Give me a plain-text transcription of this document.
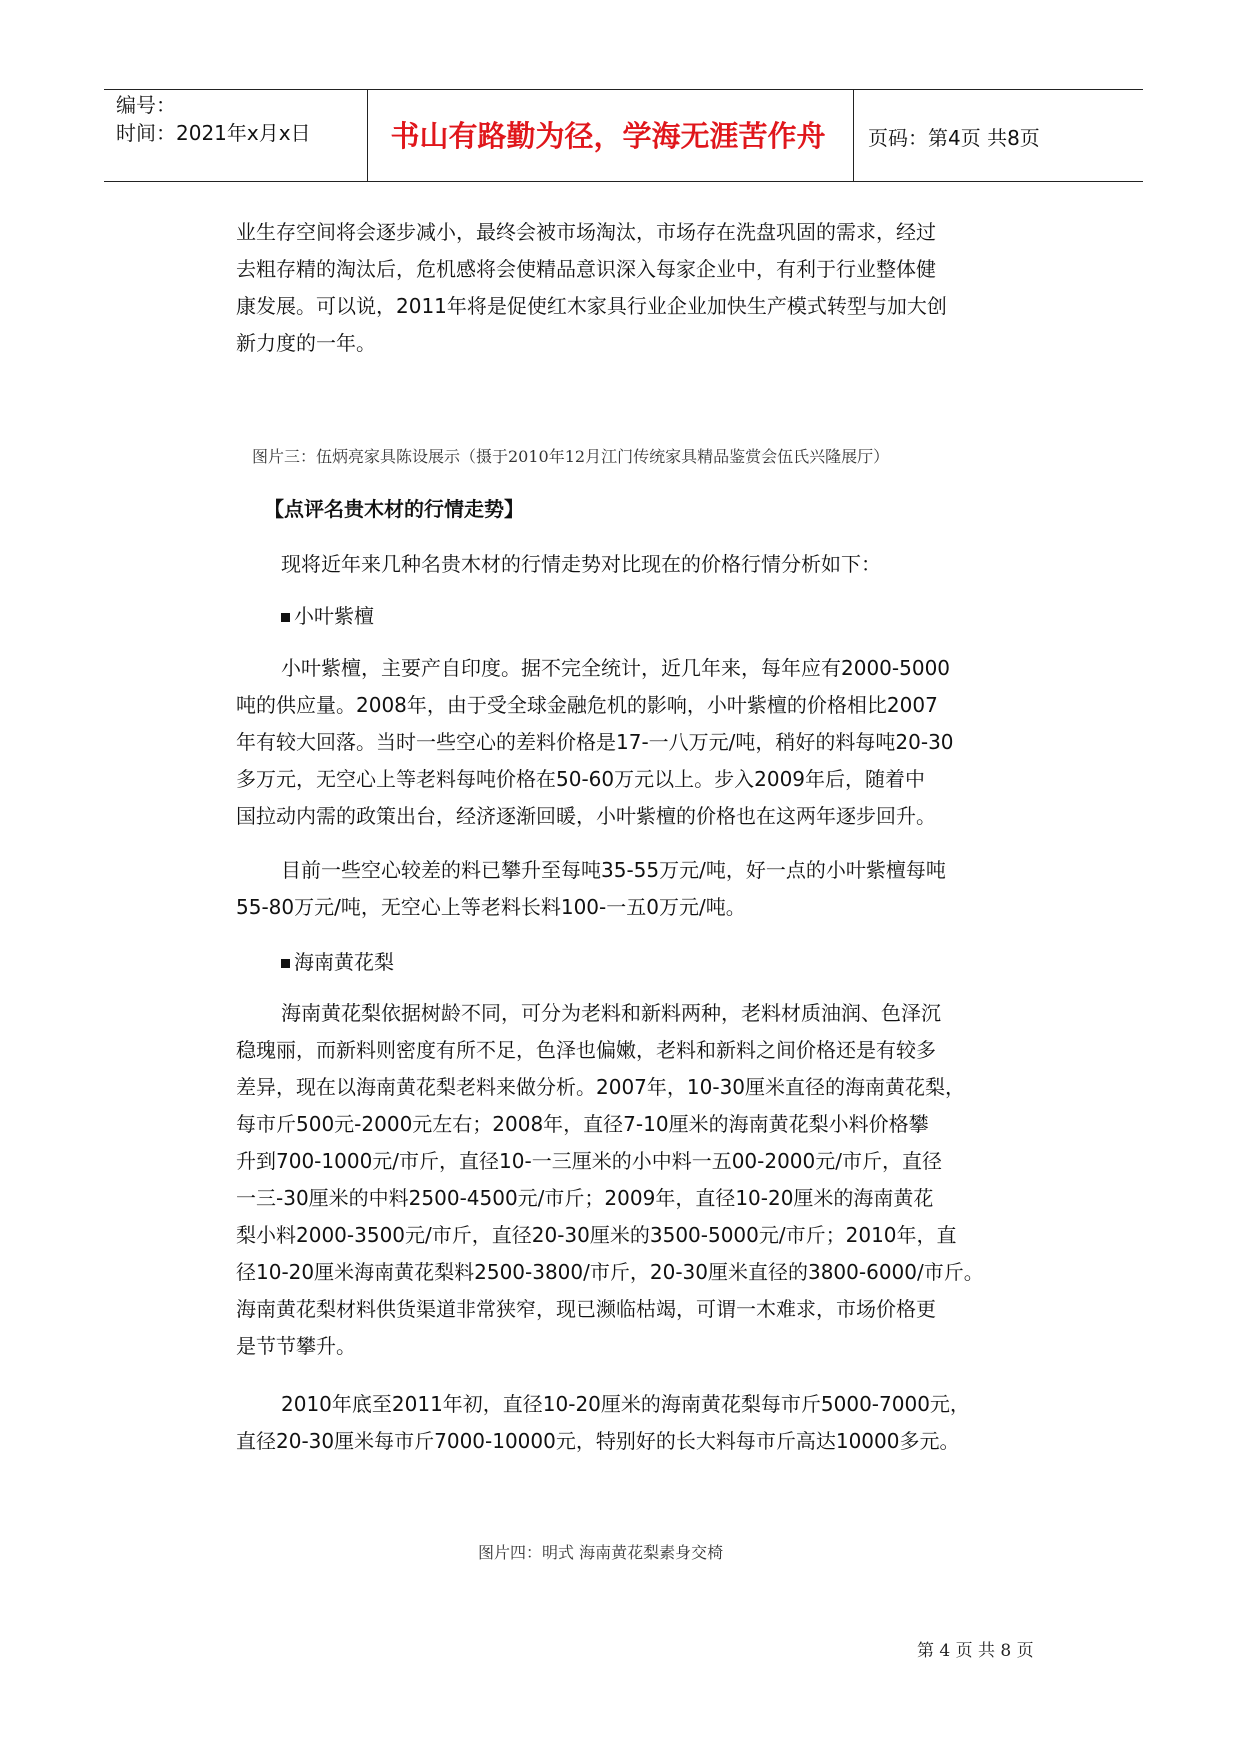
编号：
时间：2021年x月x日	书山有路勤为径，学海无涯苦作舟	页码：第4页 共8页

业生存空间将会逐步减小，最终会被市场淘汰，市场存在洗盘巩固的需求，经过

去粗存精的淘汰后，危机感将会使精品意识深入每家企业中，有利于行业整体健

康发展。可以说，2011年将是促使红木家具行业企业加快生产模式转型与加大创

新力度的一年。

图片三：伍炳亮家具陈设展示（摄于2010年12月江门传统家具精品鉴赏会伍氏兴隆展厅）
【点评名贵木材的行情走势】

现将近年来几种名贵木材的行情走势对比现在的价格行情分析如下：

小叶紫檀

小叶紫檀，主要产自印度。据不完全统计，近几年来，每年应有2000-5000

吨的供应量。2008年，由于受全球金融危机的影响，小叶紫檀的价格相比2007

年有较大回落。当时一些空心的差料价格是17-一八万元/吨，稍好的料每吨20-30

多万元，无空心上等老料每吨价格在50-60万元以上。步入2009年后，随着中

国拉动内需的政策出台，经济逐渐回暖，小叶紫檀的价格也在这两年逐步回升。

目前一些空心较差的料已攀升至每吨35-55万元/吨，好一点的小叶紫檀每吨

55-80万元/吨，无空心上等老料长料100-一五0万元/吨。

海南黄花梨

海南黄花梨依据树龄不同，可分为老料和新料两种，老料材质油润、色泽沉

稳瑰丽，而新料则密度有所不足，色泽也偏嫩，老料和新料之间价格还是有较多

差异，现在以海南黄花梨老料来做分析。2007年，10-30厘米直径的海南黄花梨，

每市斤500元-2000元左右；2008年，直径7-10厘米的海南黄花梨小料价格攀

升到700-1000元/市斤，直径10-一三厘米的小中料一五00-2000元/市斤，直径

一三-30厘米的中料2500-4500元/市斤；2009年，直径10-20厘米的海南黄花

梨小料2000-3500元/市斤，直径20-30厘米的3500-5000元/市斤；2010年，直

径10-20厘米海南黄花梨料2500-3800/市斤，20-30厘米直径的3800-6000/市斤。

海南黄花梨材料供货渠道非常狭窄，现已濒临枯竭，可谓一木难求，市场价格更

是节节攀升。

2010年底至2011年初，直径10-20厘米的海南黄花梨每市斤5000-7000元，

直径20-30厘米每市斤7000-10000元，特别好的长大料每市斤高达10000多元。

图片四：明式 海南黄花梨素身交椅
第 4 页 共 8 页
